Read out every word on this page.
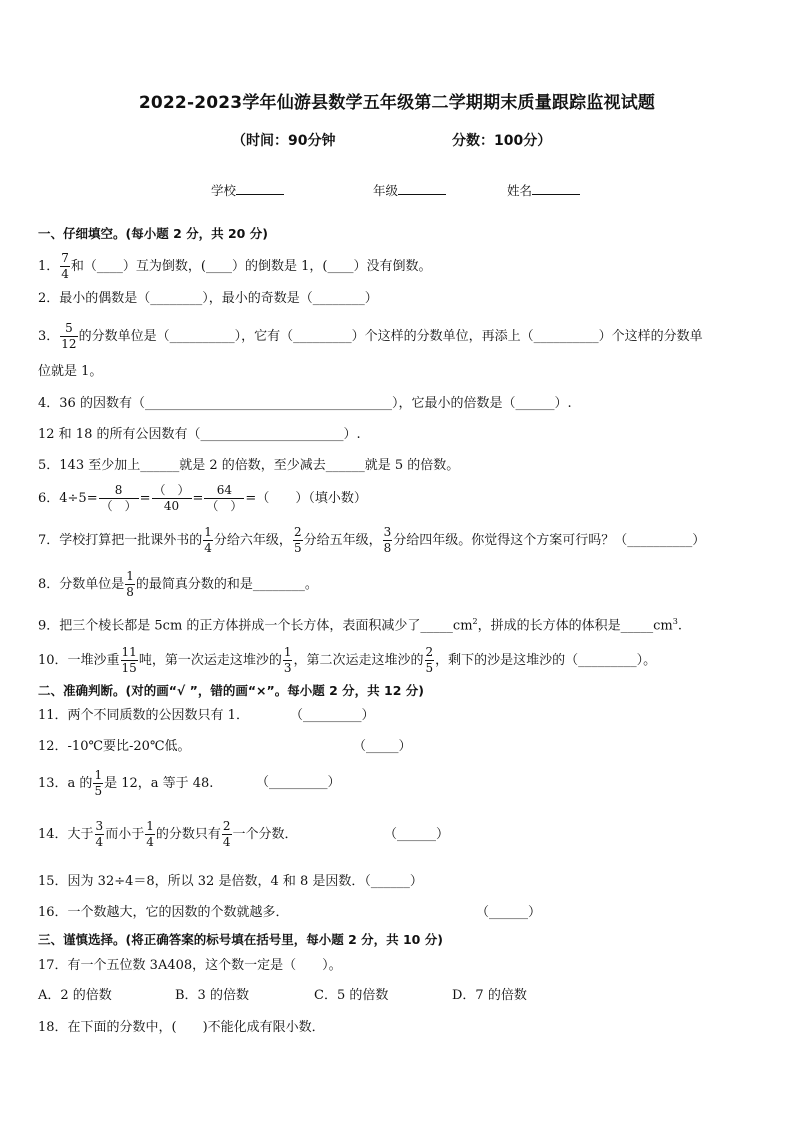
2022-2023学年仙游县数学五年级第二学期期末质量跟踪监视试题
（时间：90分钟	分数：100分）
学校	年级	姓名
一、仔细填空。(每小题 2 分，共 20 分)
1． $\frac{7}{4}$ 和（____）互为倒数，(____）的倒数是 1，(____）没有倒数。
2．最小的偶数是（________），最小的奇数是（________）
3． $\frac{5}{12}$ 的分数单位是（__________），它有（_________）个这样的分数单位，再添上（__________）个这样的分数单
位就是 1。
4．36 的因数有（______________________________________），它最小的倍数是（______）.
12 和 18 的所有公因数有（______________________）.
5．143 至少加上______就是 2 的倍数，至少减去______就是 5 的倍数。
6．$4\div 5= \frac{8}{( )} = \frac{( )}{40} = \frac{64}{( )}$ =（　　）（填小数）
7．学校打算把一批课外书的 $\frac{1}{4}$ 分给六年级， $\frac{2}{5}$ 分给五年级， $\frac{3}{8}$ 分给四年级。你觉得这个方案可行吗？（__________）
8．分数单位是 $\frac{1}{8}$ 的最简真分数的和是________。
9．把三个棱长都是 5cm 的正方体拼成一个长方体，表面积减少了$\_\_\_\_\_cm^2$，拼成的长方体的体积是$\_\_\_\_\_cm^3$.
10．一堆沙重 $\frac{11}{15}$ 吨，第一次运走这堆沙的 $\frac{1}{3}$ ，第二次运走这堆沙的 $\frac{2}{5}$ ，剩下的沙是这堆沙的（_________）。
二、准确判断。(对的画“√ ”，错的画“×”。每小题 2 分，共 12 分)
11．两个不同质数的公因数只有 1．	（_________）
12．-10℃要比-20℃低。	（_____）
13．a 的 $\frac{1}{5}$ 是 12，a 等于 48.	（_________）
14．大于 $\frac{3}{4}$ 而小于 $\frac{1}{4}$ 的分数只有 $\frac{2}{4}$ 一个分数．	（______）
15．因为 32÷4＝8，所以 32 是倍数，4 和 8 是因数．（______）
16．一个数越大，它的因数的个数就越多．	（______）
三、谨慎选择。(将正确答案的标号填在括号里，每小题 2 分，共 10 分)
17．有一个五位数 3A408，这个数一定是（　　）。
A．2 的倍数	B．3 的倍数	C．5 的倍数	D．7 的倍数
18．在下面的分数中，(　　)不能化成有限小数．
